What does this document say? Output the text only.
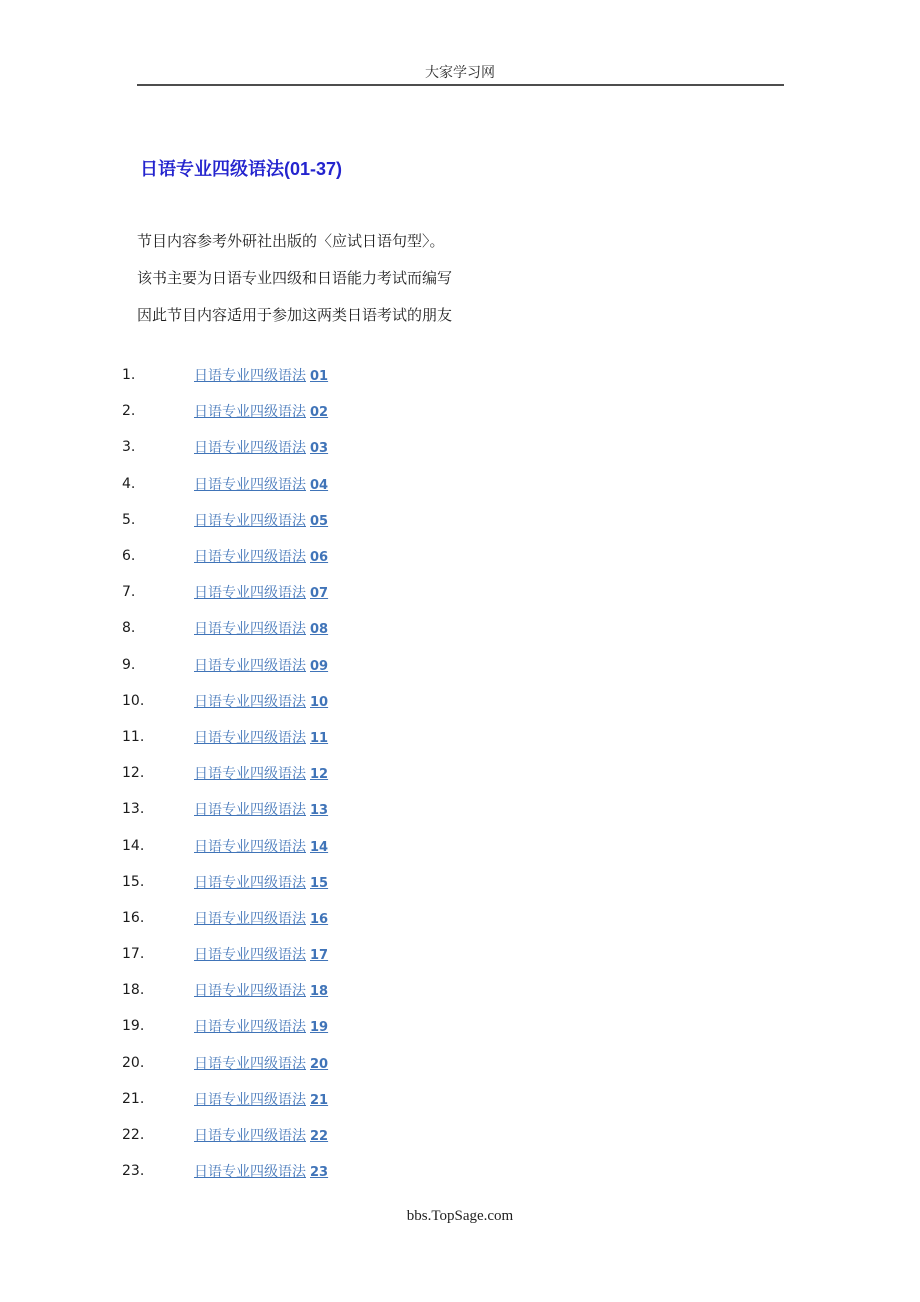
大家学习网
日语专业四级语法(01-37)

节目内容参考外研社出版的〈应试日语句型〉。

该书主要为日语专业四级和日语能力考试而编写

因此节目内容适用于参加这两类日语考试的朋友

1.	日语专业四级语法 01
2.	日语专业四级语法 02
3.	日语专业四级语法 03
4.	日语专业四级语法 04
5.	日语专业四级语法 05
6.	日语专业四级语法 06
7.	日语专业四级语法 07
8.	日语专业四级语法 08
9.	日语专业四级语法 09
10.	日语专业四级语法 10
11.	日语专业四级语法 11
12.	日语专业四级语法 12
13.	日语专业四级语法 13
14.	日语专业四级语法 14
15.	日语专业四级语法 15
16.	日语专业四级语法 16
17.	日语专业四级语法 17
18.	日语专业四级语法 18
19.	日语专业四级语法 19
20.	日语专业四级语法 20
21.	日语专业四级语法 21
22.	日语专业四级语法 22
23.	日语专业四级语法 23
bbs.TopSage.com
